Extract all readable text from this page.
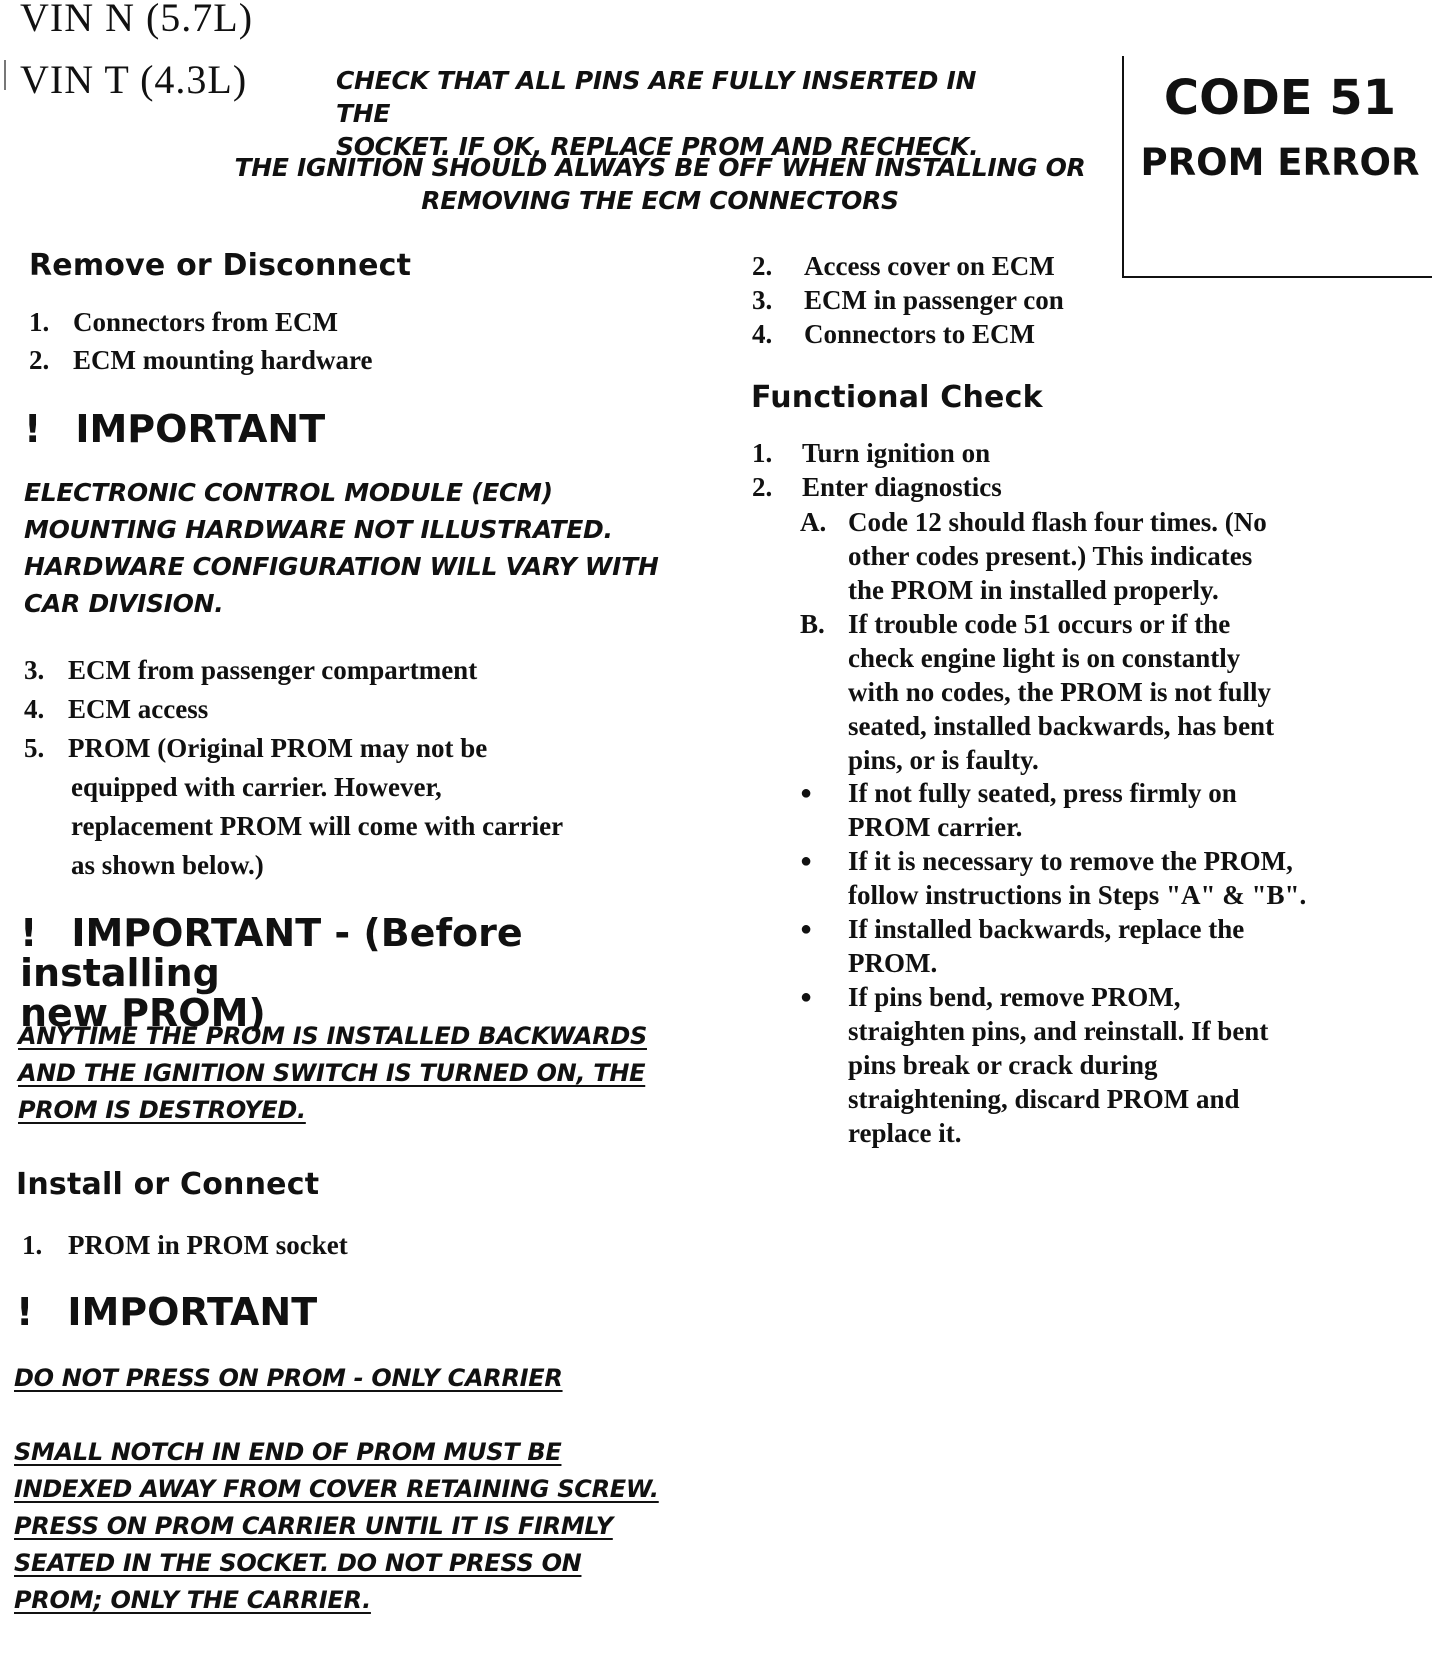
VIN N (5.7L)
VIN T (4.3L)	CHECK THAT ALL PINS ARE FULLY INSERTED IN THE
SOCKET. IF OK, REPLACE PROM AND RECHECK.
THE IGNITION SHOULD ALWAYS BE OFF WHEN INSTALLING OR
REMOVING THE ECM CONNECTORS
CODE 51
PROM ERROR
Remove or Disconnect
1. Connectors from ECM
2. ECM mounting hardware
! IMPORTANT
ELECTRONIC CONTROL MODULE (ECM)
MOUNTING HARDWARE NOT ILLUSTRATED.
HARDWARE CONFIGURATION WILL VARY WITH
CAR DIVISION.
3. ECM from passenger compartment
4. ECM access
5. PROM (Original PROM may not be
equipped with carrier. However,
replacement PROM will come with carrier
as shown below.)
! IMPORTANT - (Before installing
new PROM)
ANYTIME THE PROM IS INSTALLED BACKWARDS
AND THE IGNITION SWITCH IS TURNED ON, THE
PROM IS DESTROYED.
Install or Connect
1. PROM in PROM socket
! IMPORTANT
DO NOT PRESS ON PROM - ONLY CARRIER
SMALL NOTCH IN END OF PROM MUST BE
INDEXED AWAY FROM COVER RETAINING SCREW.
PRESS ON PROM CARRIER UNTIL IT IS FIRMLY
SEATED IN THE SOCKET. DO NOT PRESS ON
PROM; ONLY THE CARRIER.
2. Access cover on ECM
3. ECM in passenger con
4. Connectors to ECM
Functional Check
1. Turn ignition on
2. Enter diagnostics
A. Code 12 should flash four times. (No
other codes present.) This indicates
the PROM in installed properly.
B. If trouble code 51 occurs or if the
check engine light is on constantly
with no codes, the PROM is not fully
seated, installed backwards, has bent
pins, or is faulty.
●	If not fully seated, press firmly on
PROM carrier.
●	If it is necessary to remove the PROM,
follow instructions in Steps "A" & "B".
●	If installed backwards, replace the
PROM.
●	If pins bend, remove PROM,
straighten pins, and reinstall. If bent
pins break or crack during
straightening, discard PROM and
replace it.
